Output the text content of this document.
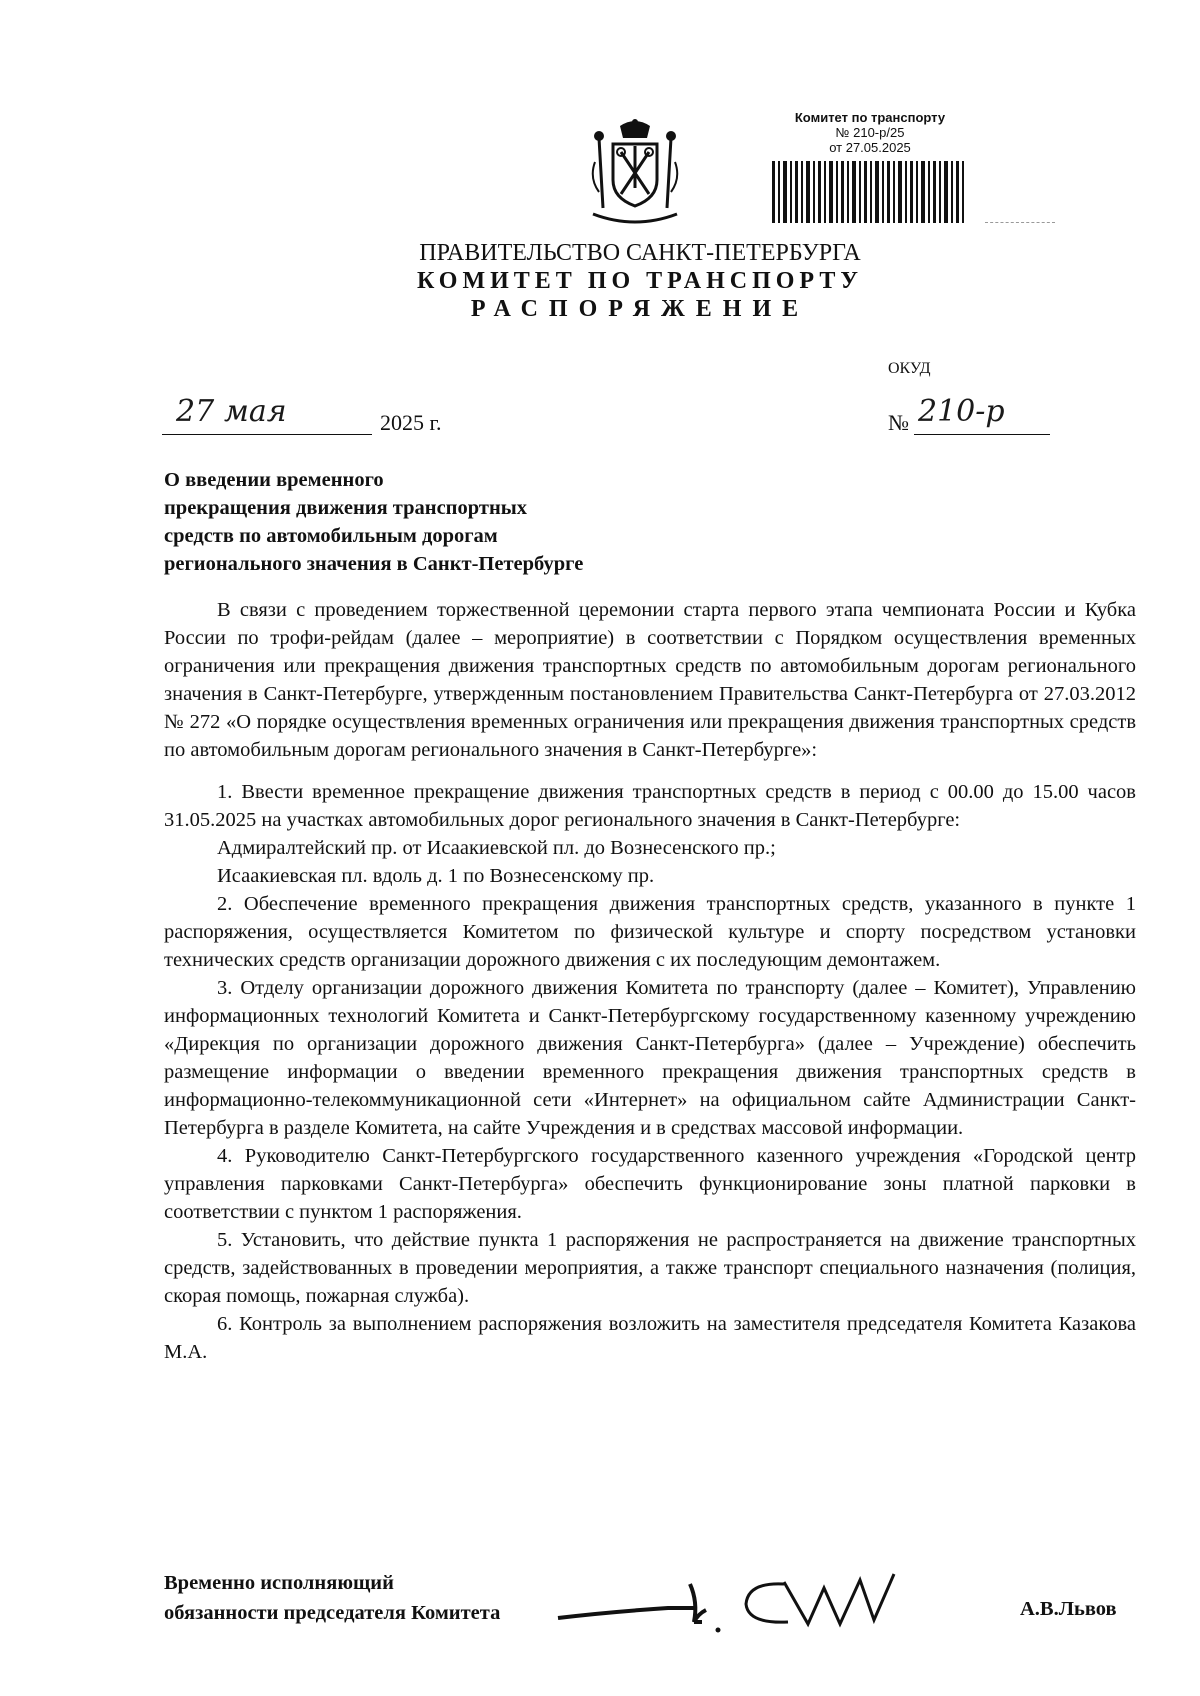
Комитет по транспорту
№ 210-р/25
от 27.05.2025
ПРАВИТЕЛЬСТВО САНКТ-ПЕТЕРБУРГА
КОМИТЕТ ПО ТРАНСПОРТУ
РАСПОРЯЖЕНИЕ
ОКУД
27 мая	2025 г.	№ 210-р
О введении временного
прекращения движения транспортных
средств по автомобильным дорогам
регионального значения в Санкт-Петербурге

В связи с проведением торжественной церемонии старта первого этапа чемпионата России и Кубка России по трофи-рейдам (далее – мероприятие) в соответствии с Порядком осуществления временных ограничения или прекращения движения транспортных средств по автомобильным дорогам регионального значения в Санкт-Петербурге, утвержденным постановлением Правительства Санкт-Петербурга от 27.03.2012 № 272 «О порядке осуществления временных ограничения или прекращения движения транспортных средств по автомобильным дорогам регионального значения в Санкт-Петербурге»:

1. Ввести временное прекращение движения транспортных средств в период с 00.00 до 15.00 часов 31.05.2025 на участках автомобильных дорог регионального значения в Санкт-Петербурге:

Адмиралтейский пр. от Исаакиевской пл. до Вознесенского пр.;

Исаакиевская пл. вдоль д. 1 по Вознесенскому пр.

2. Обеспечение временного прекращения движения транспортных средств, указанного в пункте 1 распоряжения, осуществляется Комитетом по физической культуре и спорту посредством установки технических средств организации дорожного движения с их последующим демонтажем.

3. Отделу организации дорожного движения Комитета по транспорту (далее – Комитет), Управлению информационных технологий Комитета и Санкт-Петербургскому государственному казенному учреждению «Дирекция по организации дорожного движения Санкт-Петербурга» (далее – Учреждение) обеспечить размещение информации о введении временного прекращения движения транспортных средств в информационно-телекоммуникационной сети «Интернет» на официальном сайте Администрации Санкт-Петербурга в разделе Комитета, на сайте Учреждения и в средствах массовой информации.

4. Руководителю Санкт-Петербургского государственного казенного учреждения «Городской центр управления парковками Санкт-Петербурга» обеспечить функционирование зоны платной парковки в соответствии с пунктом 1 распоряжения.

5. Установить, что действие пункта 1 распоряжения не распространяется на движение транспортных средств, задействованных в проведении мероприятия, а также транспорт специального назначения (полиция, скорая помощь, пожарная служба).

6. Контроль за выполнением распоряжения возложить на заместителя председателя Комитета Казакова М.А.

Временно исполняющий
обязанности председателя Комитета	А.В.Львов
